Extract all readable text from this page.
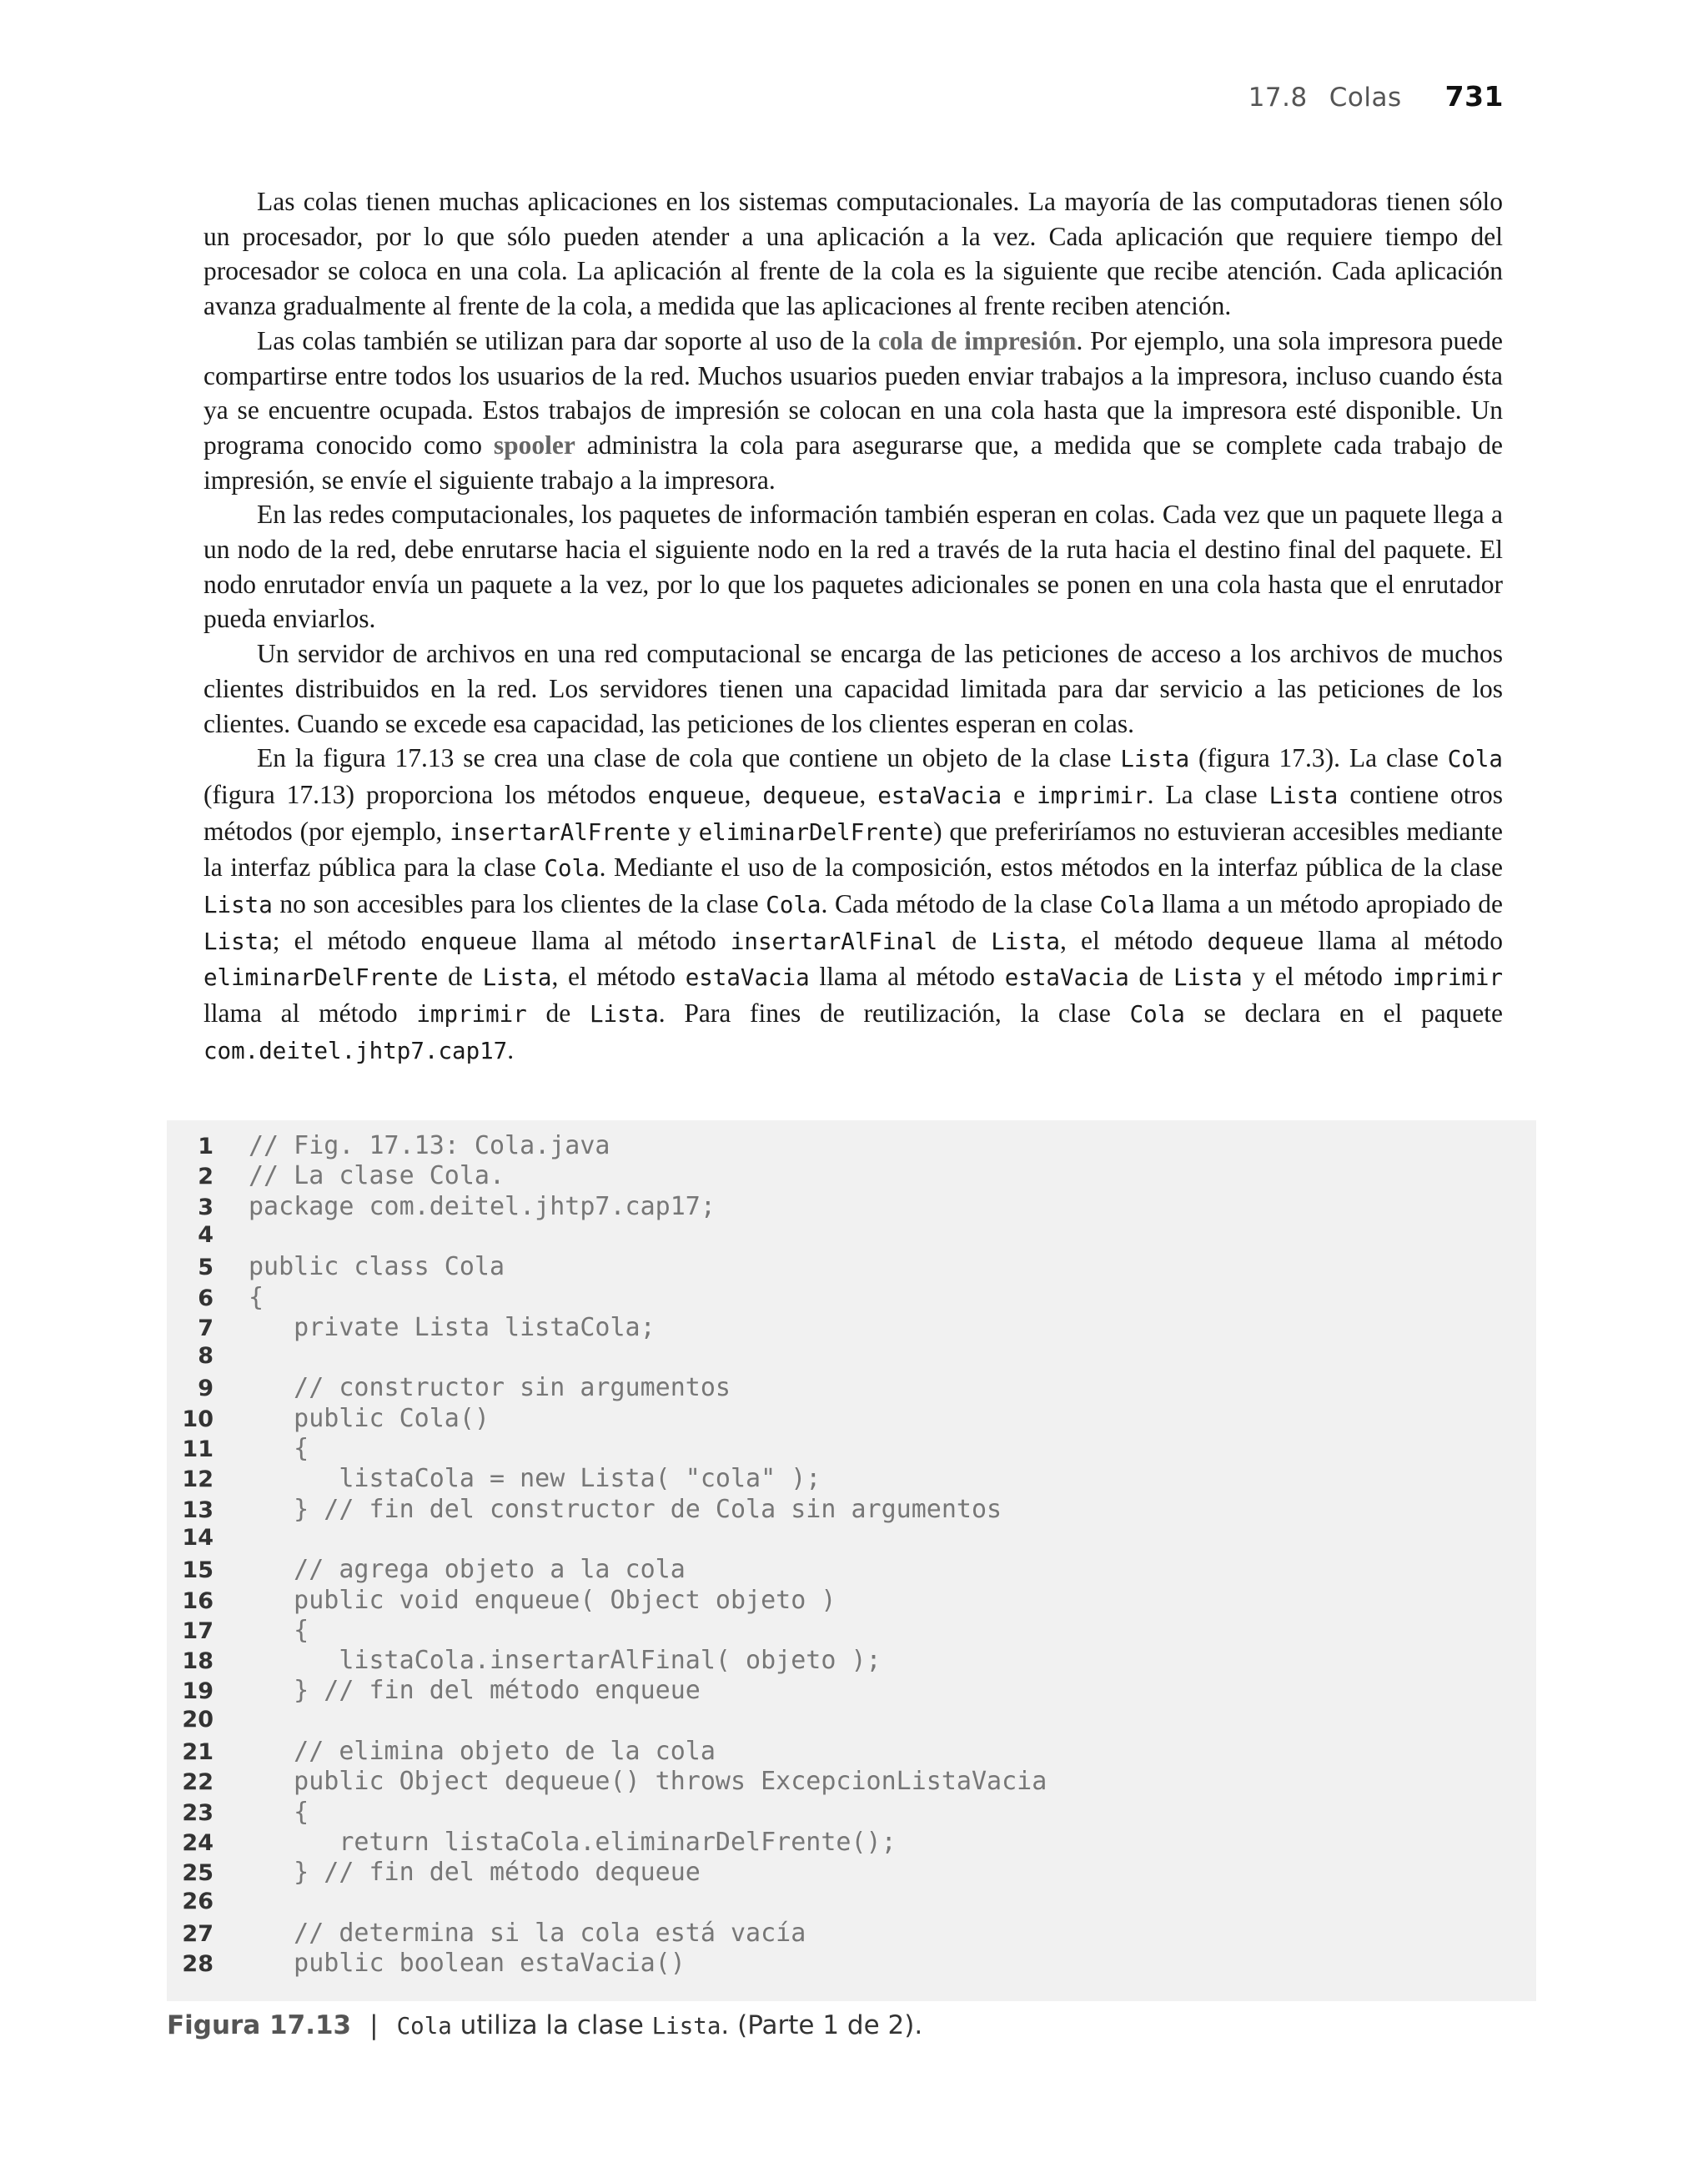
17.8 Colas 731

Las colas tienen muchas aplicaciones en los sistemas computacionales. La mayoría de las computadoras tienen sólo un procesador, por lo que sólo pueden atender a una aplicación a la vez. Cada aplicación que requiere tiempo del procesador se coloca en una cola. La aplicación al frente de la cola es la siguiente que recibe atención. Cada aplicación avanza gradualmente al frente de la cola, a medida que las aplicaciones al frente reciben atención.

Las colas también se utilizan para dar soporte al uso de la cola de impresión. Por ejemplo, una sola impresora puede compartirse entre todos los usuarios de la red. Muchos usuarios pueden enviar trabajos a la impresora, incluso cuando ésta ya se encuentre ocupada. Estos trabajos de impresión se colocan en una cola hasta que la impresora esté disponible. Un programa conocido como spooler administra la cola para asegurarse que, a medida que se complete cada trabajo de impresión, se envíe el siguiente trabajo a la impresora.

En las redes computacionales, los paquetes de información también esperan en colas. Cada vez que un paquete llega a un nodo de la red, debe enrutarse hacia el siguiente nodo en la red a través de la ruta hacia el destino final del paquete. El nodo enrutador envía un paquete a la vez, por lo que los paquetes adicionales se ponen en una cola hasta que el enrutador pueda enviarlos.

Un servidor de archivos en una red computacional se encarga de las peticiones de acceso a los archivos de muchos clientes distribuidos en la red. Los servidores tienen una capacidad limitada para dar servicio a las peticiones de los clientes. Cuando se excede esa capacidad, las peticiones de los clientes esperan en colas.

En la figura 17.13 se crea una clase de cola que contiene un objeto de la clase Lista (figura 17.3). La clase Cola (figura 17.13) proporciona los métodos enqueue, dequeue, estaVacia e imprimir. La clase Lista contiene otros métodos (por ejemplo, insertarAlFrente y eliminarDelFrente) que preferiríamos no estuvieran accesibles mediante la interfaz pública para la clase Cola. Mediante el uso de la composición, estos métodos en la interfaz pública de la clase Lista no son accesibles para los clientes de la clase Cola. Cada método de la clase Cola llama a un método apropiado de Lista; el método enqueue llama al método insertarAlFinal de Lista, el método dequeue llama al método eliminarDelFrente de Lista, el método estaVacia llama al método estaVacia de Lista y el método imprimir llama al método imprimir de Lista. Para fines de reutilización, la clase Cola se declara en el paquete com.deitel.jhtp7.cap17.

1 // Fig. 17.13: Cola.java
2 // La clase Cola.
3 package com.deitel.jhtp7.cap17;
4
5 public class Cola
6 {
7 private Lista listaCola;
8
9 // constructor sin argumentos
10 public Cola()
11 {
12 listaCola = new Lista( "cola" );
13 } // fin del constructor de Cola sin argumentos
14
15 // agrega objeto a la cola
16 public void enqueue( Object objeto )
17 {
18 listaCola.insertarAlFinal( objeto );
19 } // fin del método enqueue
20
21 // elimina objeto de la cola
22 public Object dequeue() throws ExcepcionListaVacia
23 {
24 return listaCola.eliminarDelFrente();
25 } // fin del método dequeue
26
27 // determina si la cola está vacía
28 public boolean estaVacia()
Figura 17.13 | Cola utiliza la clase Lista . (Parte 1 de 2).
